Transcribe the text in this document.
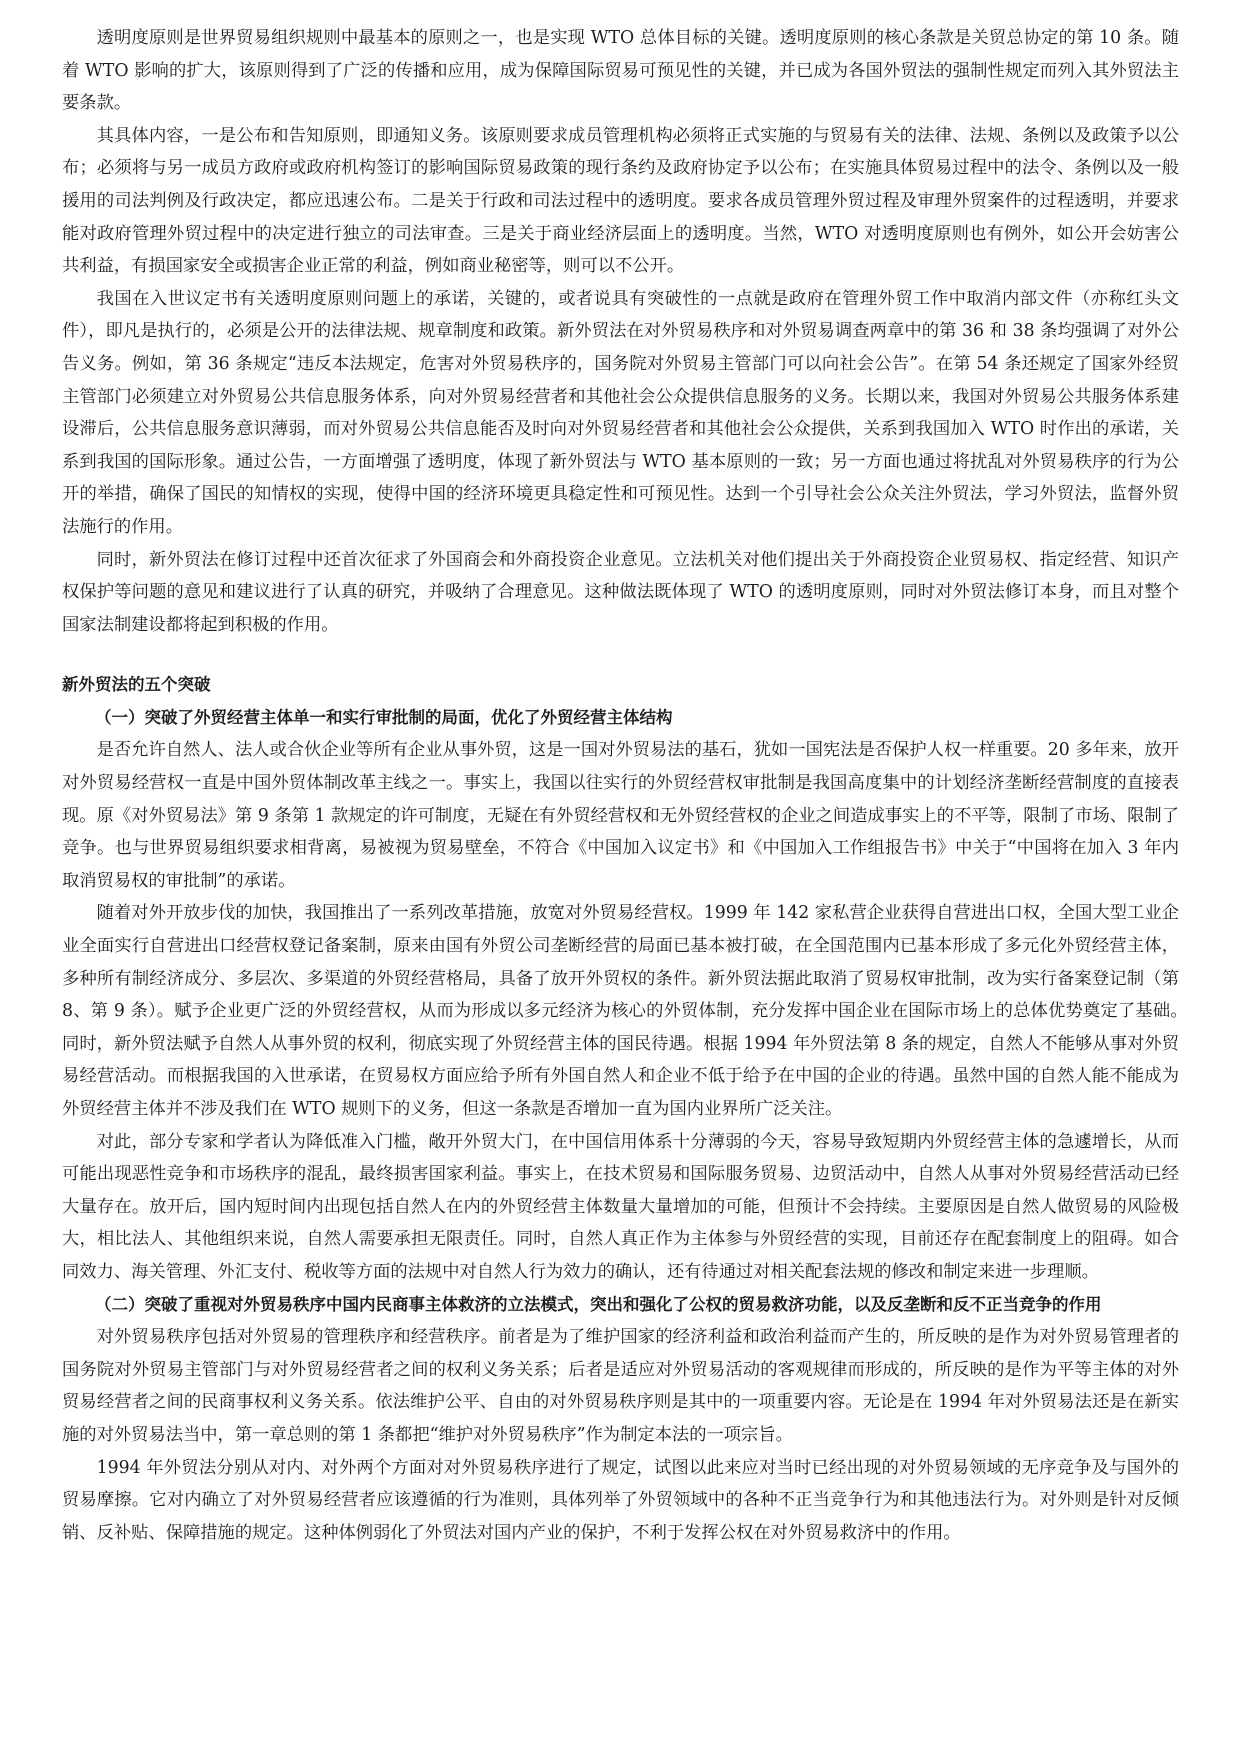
透明度原则是世界贸易组织规则中最基本的原则之一，也是实现 WTO 总体目标的关键。透明度原则的核心条款是关贸总协定的第 10 条。随着 WTO 影响的扩大，该原则得到了广泛的传播和应用，成为保障国际贸易可预见性的关键，并已成为各国外贸法的强制性规定而列入其外贸法主要条款。

其具体内容，一是公布和告知原则，即通知义务。该原则要求成员管理机构必须将正式实施的与贸易有关的法律、法规、条例以及政策予以公布；必须将与另一成员方政府或政府机构签订的影响国际贸易政策的现行条约及政府协定予以公布；在实施具体贸易过程中的法令、条例以及一般援用的司法判例及行政决定，都应迅速公布。二是关于行政和司法过程中的透明度。要求各成员管理外贸过程及审理外贸案件的过程透明，并要求能对政府管理外贸过程中的决定进行独立的司法审查。三是关于商业经济层面上的透明度。当然，WTO 对透明度原则也有例外，如公开会妨害公共利益，有损国家安全或损害企业正常的利益，例如商业秘密等，则可以不公开。

我国在入世议定书有关透明度原则问题上的承诺，关键的，或者说具有突破性的一点就是政府在管理外贸工作中取消内部文件（亦称红头文件），即凡是执行的，必须是公开的法律法规、规章制度和政策。新外贸法在对外贸易秩序和对外贸易调查两章中的第 36 和 38 条均强调了对外公告义务。例如，第 36 条规定“违反本法规定，危害对外贸易秩序的，国务院对外贸易主管部门可以向社会公告”。在第 54 条还规定了国家外经贸主管部门必须建立对外贸易公共信息服务体系，向对外贸易经营者和其他社会公众提供信息服务的义务。长期以来，我国对外贸易公共服务体系建设滞后，公共信息服务意识薄弱，而对外贸易公共信息能否及时向对外贸易经营者和其他社会公众提供，关系到我国加入 WTO 时作出的承诺，关系到我国的国际形象。通过公告，一方面增强了透明度，体现了新外贸法与 WTO 基本原则的一致；另一方面也通过将扰乱对外贸易秩序的行为公开的举措，确保了国民的知情权的实现，使得中国的经济环境更具稳定性和可预见性。达到一个引导社会公众关注外贸法，学习外贸法，监督外贸法施行的作用。

同时，新外贸法在修订过程中还首次征求了外国商会和外商投资企业意见。立法机关对他们提出关于外商投资企业贸易权、指定经营、知识产权保护等问题的意见和建议进行了认真的研究，并吸纳了合理意见。这种做法既体现了 WTO 的透明度原则，同时对外贸法修订本身，而且对整个国家法制建设都将起到积极的作用。

新外贸法的五个突破

（一）突破了外贸经营主体单一和实行审批制的局面，优化了外贸经营主体结构

是否允许自然人、法人或合伙企业等所有企业从事外贸，这是一国对外贸易法的基石，犹如一国宪法是否保护人权一样重要。20 多年来，放开对外贸易经营权一直是中国外贸体制改革主线之一。事实上，我国以往实行的外贸经营权审批制是我国高度集中的计划经济垄断经营制度的直接表现。原《对外贸易法》第 9 条第 1 款规定的许可制度，无疑在有外贸经营权和无外贸经营权的企业之间造成事实上的不平等，限制了市场、限制了竞争。也与世界贸易组织要求相背离，易被视为贸易壁垒，不符合《中国加入议定书》和《中国加入工作组报告书》中关于“中国将在加入 3 年内取消贸易权的审批制”的承诺。

随着对外开放步伐的加快，我国推出了一系列改革措施，放宽对外贸易经营权。1999 年 142 家私营企业获得自营进出口权，全国大型工业企业全面实行自营进出口经营权登记备案制，原来由国有外贸公司垄断经营的局面已基本被打破，在全国范围内已基本形成了多元化外贸经营主体，多种所有制经济成分、多层次、多渠道的外贸经营格局，具备了放开外贸权的条件。新外贸法据此取消了贸易权审批制，改为实行备案登记制（第 8、第 9 条）。赋予企业更广泛的外贸经营权，从而为形成以多元经济为核心的外贸体制，充分发挥中国企业在国际市场上的总体优势奠定了基础。　同时，新外贸法赋予自然人从事外贸的权利，彻底实现了外贸经营主体的国民待遇。根据 1994 年外贸法第 8 条的规定，自然人不能够从事对外贸易经营活动。而根据我国的入世承诺，在贸易权方面应给予所有外国自然人和企业不低于给予在中国的企业的待遇。虽然中国的自然人能不能成为外贸经营主体并不涉及我们在 WTO 规则下的义务，但这一条款是否增加一直为国内业界所广泛关注。

对此，部分专家和学者认为降低准入门槛，敞开外贸大门，在中国信用体系十分薄弱的今天，容易导致短期内外贸经营主体的急遽增长，从而可能出现恶性竞争和市场秩序的混乱，最终损害国家利益。事实上，在技术贸易和国际服务贸易、边贸活动中，自然人从事对外贸易经营活动已经大量存在。放开后，国内短时间内出现包括自然人在内的外贸经营主体数量大量增加的可能，但预计不会持续。主要原因是自然人做贸易的风险极大，相比法人、其他组织来说，自然人需要承担无限责任。同时，自然人真正作为主体参与外贸经营的实现，目前还存在配套制度上的阻碍。如合同效力、海关管理、外汇支付、税收等方面的法规中对自然人行为效力的确认，还有待通过对相关配套法规的修改和制定来进一步理顺。

（二）突破了重视对外贸易秩序中国内民商事主体救济的立法模式，突出和强化了公权的贸易救济功能，以及反垄断和反不正当竞争的作用

对外贸易秩序包括对外贸易的管理秩序和经营秩序。前者是为了维护国家的经济利益和政治利益而产生的，所反映的是作为对外贸易管理者的国务院对外贸易主管部门与对外贸易经营者之间的权利义务关系；后者是适应对外贸易活动的客观规律而形成的，所反映的是作为平等主体的对外贸易经营者之间的民商事权利义务关系。依法维护公平、自由的对外贸易秩序则是其中的一项重要内容。无论是在 1994 年对外贸易法还是在新实施的对外贸易法当中，第一章总则的第 1 条都把“维护对外贸易秩序”作为制定本法的一项宗旨。

1994 年外贸法分别从对内、对外两个方面对对外贸易秩序进行了规定，试图以此来应对当时已经出现的对外贸易领域的无序竞争及与国外的贸易摩擦。它对内确立了对外贸易经营者应该遵循的行为准则，具体列举了外贸领域中的各种不正当竞争行为和其他违法行为。对外则是针对反倾销、反补贴、保障措施的规定。这种体例弱化了外贸法对国内产业的保护，不利于发挥公权在对外贸易救济中的作用。
